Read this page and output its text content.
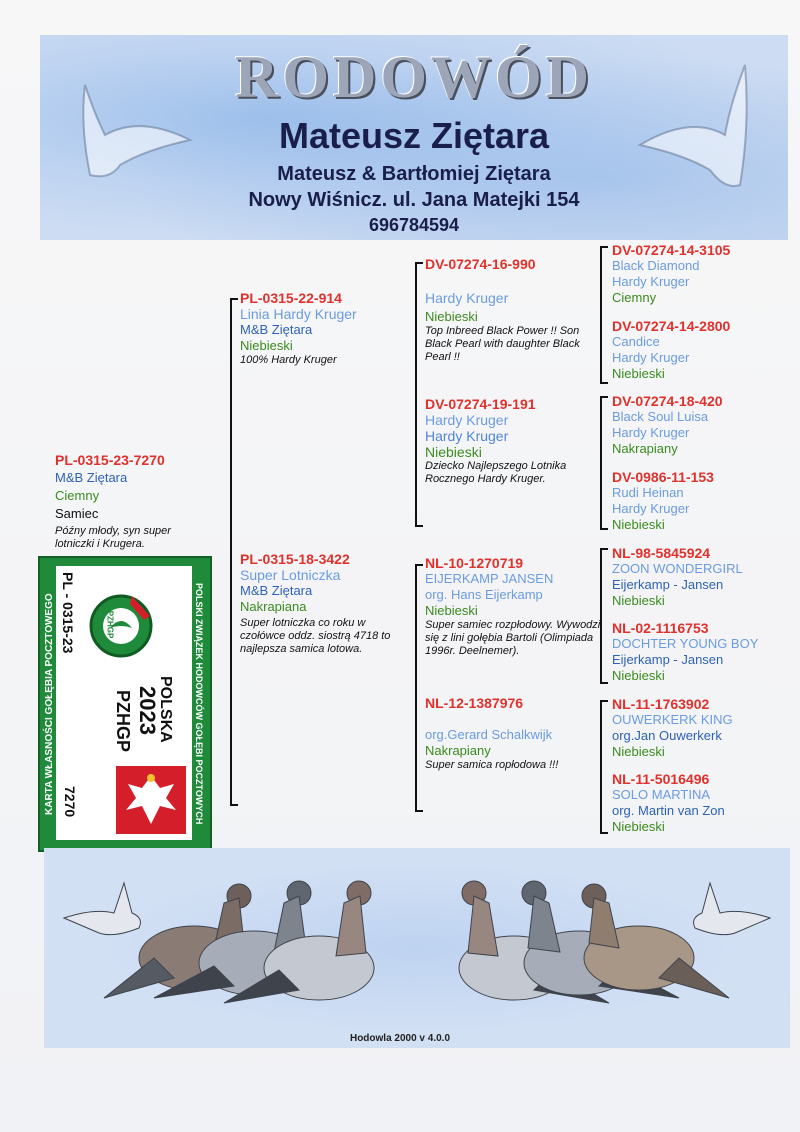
RODOWÓD
Mateusz Ziętara
Mateusz & Bartłomiej Ziętara
Nowy Wiśnicz. ul. Jana Matejki 154
696784594
PL-0315-23-7270
M&B Ziętara
Ciemny
Samiec
Późny młody, syn super lotniczki i Krugera.
PL-0315-22-914
Linia Hardy Kruger
M&B Ziętara
Niebieski
100% Hardy Kruger
PL-0315-18-3422
Super Lotniczka
M&B Ziętara
Nakrapiana
Super lotniczka co roku w czołówce oddz. siostrą 4718 to najlepsza samica lotowa.
DV-07274-16-990
Hardy Kruger
Niebieski
Top Inbreed Black Power !! Son Black Pearl with daughter Black Pearl !!
DV-07274-19-191
Hardy Kruger
Hardy Kruger
Niebieski
Dziecko Najlepszego Lotnika Rocznego Hardy Kruger.
NL-10-1270719
EIJERKAMP JANSEN
org. Hans Eijerkamp
Niebieski
Super samiec rozpłodowy. Wywodzi się z lini gołębia Bartoli (Olimpiada 1996r. Deelnemer).
NL-12-1387976
org.Gerard Schalkwijk
Nakrapiany
Super samica ropłodowa !!!
DV-07274-14-3105
Black Diamond
Hardy Kruger
Ciemny
DV-07274-14-2800
Candice
Hardy Kruger
Niebieski
DV-07274-18-420
Black Soul Luisa
Hardy Kruger
Nakrapiany
DV-0986-11-153
Rudi Heinan
Hardy Kruger
Niebieski
NL-98-5845924
ZOON WONDERGIRL
Eijerkamp - Jansen
Niebieski
NL-02-1116753
DOCHTER YOUNG BOY
Eijerkamp - Jansen
Niebieski
NL-11-1763902
OUWERKERK KING
org.Jan Ouwerkerk
Niebieski
NL-11-5016496
SOLO MARTINA
org. Martin van Zon
Niebieski
KARTA WŁASNOŚCI GOŁĘBIA POCZTOWEGO PL - 0315-23
7270
PZHGP
POLSKA
2023
PZHGP	POLSKI ZWIĄZEK HODOWCÓW GOŁĘBI POCZTOWYCH
Hodowla 2000 v 4.0.0
